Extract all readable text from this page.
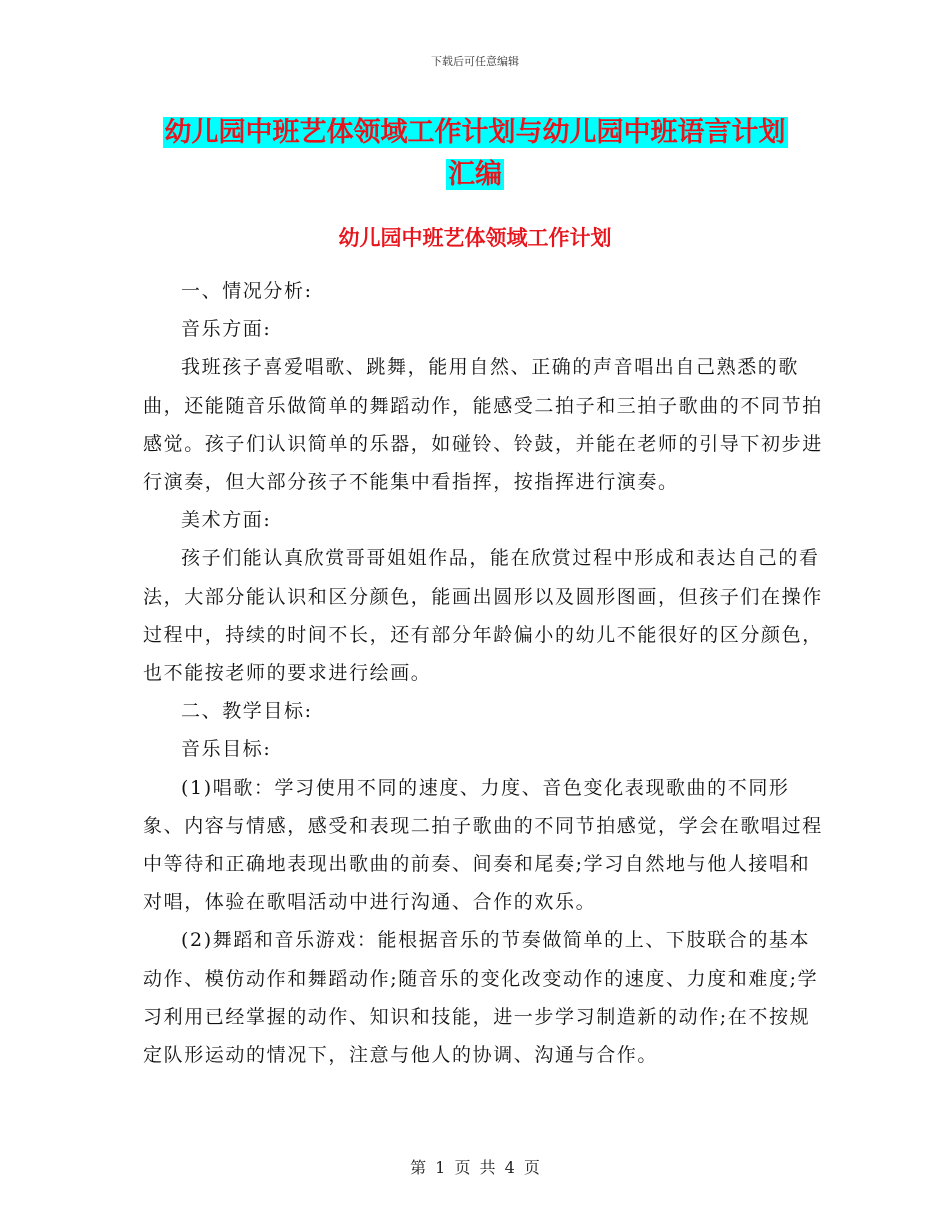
下载后可任意编辑
幼儿园中班艺体领域工作计划与幼儿园中班语言计划
汇编
幼儿园中班艺体领域工作计划

一、情况分析:

音乐方面:

我班孩子喜爱唱歌、跳舞，能用自然、正确的声音唱出自己熟悉的歌曲，还能随音乐做简单的舞蹈动作，能感受二拍子和三拍子歌曲的不同节拍感觉。孩子们认识简单的乐器，如碰铃、铃鼓，并能在老师的引导下初步进行演奏，但大部分孩子不能集中看指挥，按指挥进行演奏。

美术方面:

孩子们能认真欣赏哥哥姐姐作品，能在欣赏过程中形成和表达自己的看法，大部分能认识和区分颜色，能画出圆形以及圆形图画，但孩子们在操作过程中，持续的时间不长，还有部分年龄偏小的幼儿不能很好的区分颜色，也不能按老师的要求进行绘画。

二、教学目标:

音乐目标:

(1)唱歌：学习使用不同的速度、力度、音色变化表现歌曲的不同形象、内容与情感，感受和表现二拍子歌曲的不同节拍感觉，学会在歌唱过程中等待和正确地表现出歌曲的前奏、间奏和尾奏;学习自然地与他人接唱和对唱，体验在歌唱活动中进行沟通、合作的欢乐。

(2)舞蹈和音乐游戏：能根据音乐的节奏做简单的上、下肢联合的基本动作、模仿动作和舞蹈动作;随音乐的变化改变动作的速度、力度和难度;学习利用已经掌握的动作、知识和技能，进一步学习制造新的动作;在不按规定队形运动的情况下，注意与他人的协调、沟通与合作。

第 1 页 共 4 页
